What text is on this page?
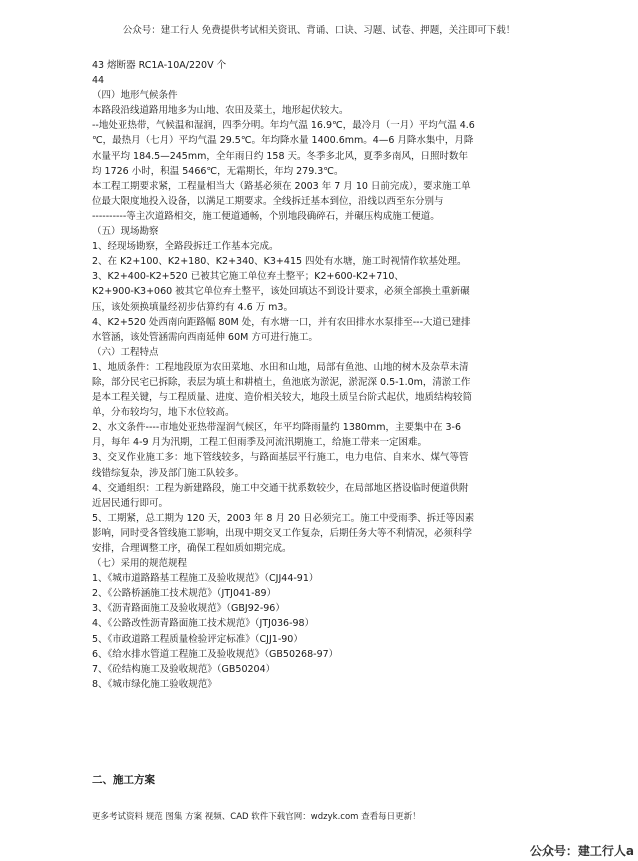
公众号：建工行人 免费提供考试相关资讯、背诵、口诀、习题、试卷、押题，关注即可下载！
43 熔断器 RC1A-10A/220V 个
44
（四）地形气候条件
本路段沿线道路用地多为山地、农田及菜土，地形起伏较大。
--地处亚热带，气候温和湿润，四季分明。年均气温 16.9℃，最冷月（一月）平均气温 4.6
℃，最热月（七月）平均气温 29.5℃。年均降水量 1400.6mm。4—6 月降水集中，月降
水量平均 184.5—245mm，全年雨日约 158 天。冬季多北风，夏季多南风，日照时数年
均 1726 小时，积温 5466℃，无霜期长，年均 279.3℃。
本工程工期要求紧，工程量相当大（路基必须在 2003 年 7 月 10 日前完成），要求施工单
位最大限度地投入设备，以满足工期要求。全线拆迁基本到位，沿线以西至东分别与
----------等主次道路相交，施工便道通畅，个别地段确碎石，并碾压构成施工便道。
（五）现场勘察
1、经现场勘察，全路段拆迁工作基本完成。
2、在 K2+100、K2+180、K2+340、K3+415 四处有水塘，施工时视情作软基处理。
3、K2+400-K2+520 已被其它施工单位弃土整平；K2+600-K2+710、
K2+900-K3+060 被其它单位弃土整平，该处回填达不到设计要求，必须全部换土重新碾
压，该处须换填量经初步估算约有 4.6 万 m3。
4、K2+520 处西南向距路幅 80M 处，有水塘一口，并有农田排水水泵排至---大道已建排
水管涵，该处管涵需向西南延伸 60M 方可进行施工。
（六）工程特点
1、地质条件：工程地段原为农田菜地、水田和山地，局部有鱼池、山地的树木及杂草未清
除，部分民宅已拆除，表层为填土和耕植土，鱼池底为淤泥，淤泥深 0.5-1.0m，清淤工作
是本工程关键，与工程质量、进度、造价相关较大，地段土质呈台阶式起伏，地质结构较简
单，分布较均匀，地下水位较高。
2、水文条件----市地处亚热带湿润气候区，年平均降雨量约 1380mm，主要集中在 3-6
月，每年 4-9 月为汛期，工程工但雨季及河流汛期施工，给施工带来一定困难。
3、交叉作业施工多：地下管线较多，与路面基层平行施工，电力电信、自来水、煤气等管
线错综复杂，涉及部门施工队较多。
4、交通组织：工程为新建路段，施工中交通干扰系数较少，在局部地区搭设临时便道供附
近居民通行即可。
5、工期紧，总工期为 120 天，2003 年 8 月 20 日必须完工。施工中受雨季、拆迁等因素
影响，同时受各管线施工影响，出现中期交叉工作复杂，后期任务大等不利情况，必须科学
安排，合理调整工序，确保工程如质如期完成。
（七）采用的规范规程
1、《城市道路路基工程施工及验收规范》（CJJ44-91）
2、《公路桥涵施工技术规范》（JTJ041-89）
3、《沥青路面施工及验收规范》（GBJ92-96）
4、《公路改性沥青路面施工技术规范》（JTJ036-98）
5、《市政道路工程质量检验评定标准》（CJJ1-90）
6、《给水排水管道工程施工及验收规范》（GB50268-97）
7、《砼结构施工及验收规范》（GB50204）
8、《城市绿化施工验收规范》
二、施工方案
更多考试资料 规范 图集 方案 视频、CAD 软件下载官网：wdzyk.com 查看每日更新！
公众号：建工行人a
